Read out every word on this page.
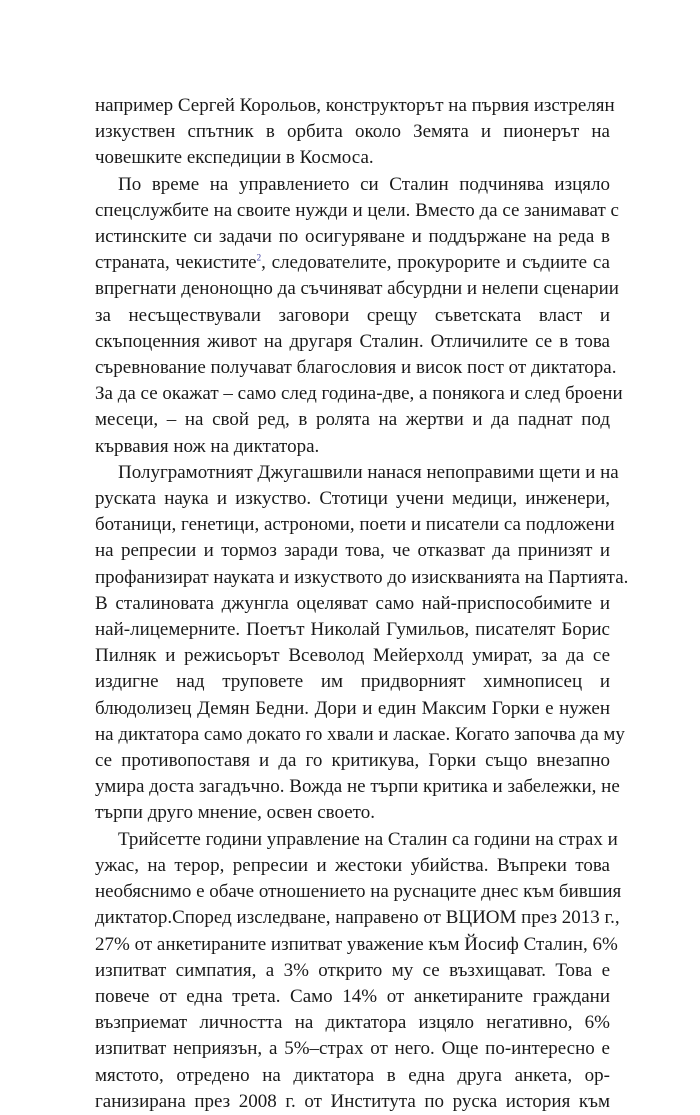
например Сергей Корольов, конструкторът на първия изстрелян
изкуствен спътник в орбита около Земята и пионерът на
човешките експедиции в Космоса.
По време на управлението си Сталин подчинява изцяло
спецслужбите на своите нужди и цели. Вместо да се занимават с
истинските си задачи по осигуряване и поддържане на реда в
страната, чекистите$^2$, следователите, прокурорите и съдиите са
впрегнати денонощно да съчиняват абсурдни и нелепи сценарии
за несъществували заговори срещу съветската власт и
скъпоценния живот на другаря Сталин. Отличилите се в това
съревнование получават благословия и висок пост от диктатора.
За да се окажат – само след година-две, а понякога и след броени
месеци, – на свой ред, в ролята на жертви и да паднат под
кървавия нож на диктатора.
Полуграмотният Джугашвили нанася непоправими щети и на
руската наука и изкуство. Стотици учени медици, инженери,
ботаници, генетици, астрономи, поети и писатели са подложени
на репресии и тормоз заради това, че отказват да принизят и
профанизират науката и изкуството до изискванията на Партията.
В сталиновата джунгла оцеляват само най-приспособимите и
най-лицемерните. Поетът Николай Гумильов, писателят Борис
Пилняк и режисьорът Всеволод Мейерхолд умират, за да се
издигне над труповете им придворният химнописец и
блюдолизец Демян Бедни. Дори и един Максим Горки е нужен
на диктатора само докато го хвали и ласкае. Когато започва да му
се противопоставя и да го критикува, Горки също внезапно
умира доста загадъчно. Вожда не търпи критика и забележки, не
търпи друго мнение, освен своето.
Трийсетте години управление на Сталин са години на страх и
ужас, на терор, репресии и жестоки убийства. Въпреки това
необяснимо е обаче отношението на руснаците днес към бившия
диктатор.Според изследване, направено от ВЦИОМ през 2013 г.,
27% от анкетираните изпитват уважение към Йосиф Сталин, 6%
изпитват симпатия, а 3% открито му се възхищават. Това е
повече от една трета. Само 14% от анкетираните граждани
възприемат личността на диктатора изцяло негативно, 6%
изпитват неприязън, а 5%–страх от него. Още по-интересно е
мястото, отредено на диктатора в една друга анкета, ор-
ганизирана през 2008 г. от Института по руска история към
